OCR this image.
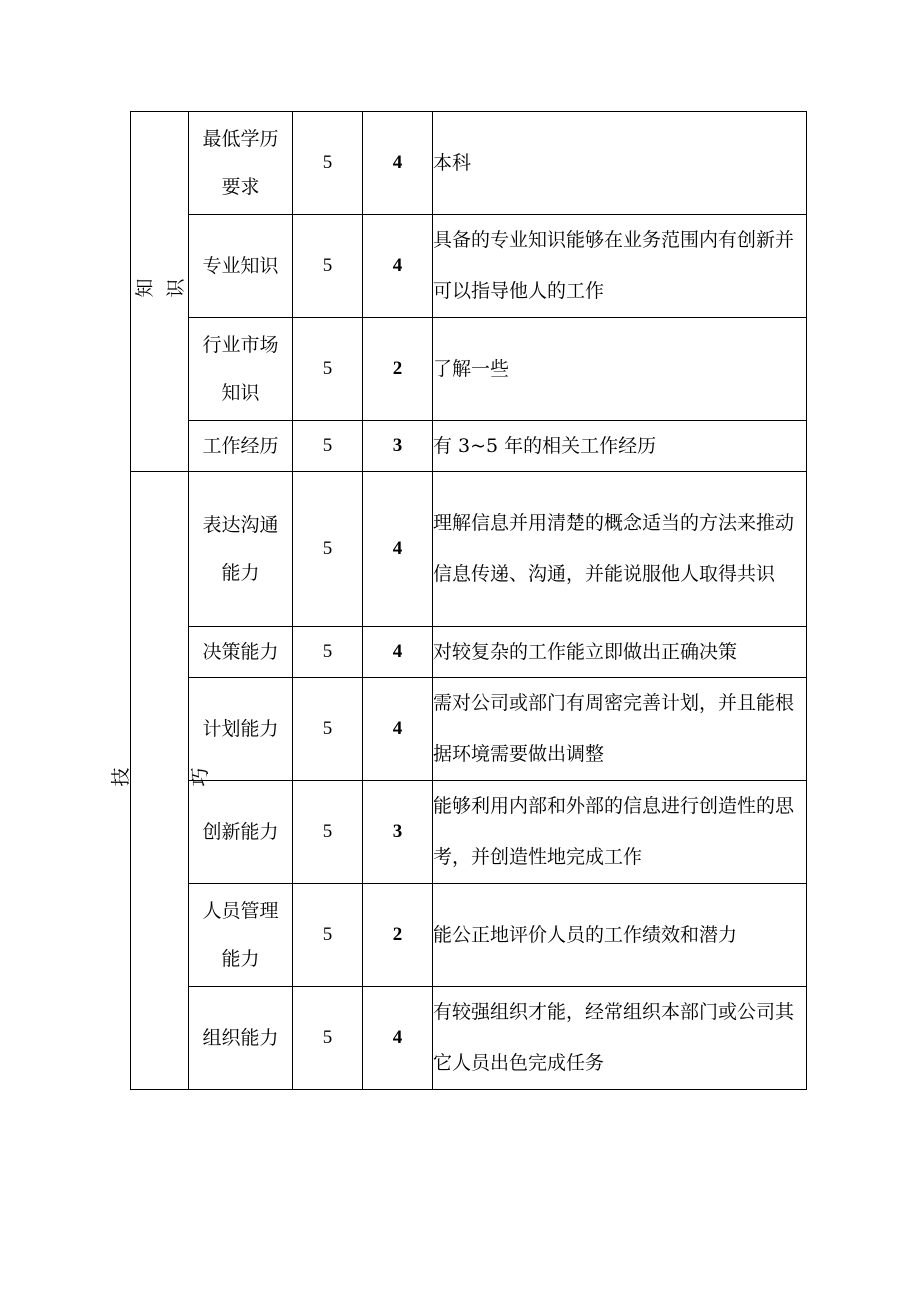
知 识	最低学历要求	5	4	本科
	专业知识	5	4	具备的专业知识能够在业务范围内有创新并可以指导他人的工作
	行业市场知识	5	2	了解一些
	工作经历	5	3	有 3~5 年的相关工作经历
技 巧	表达沟通能力	5	4	理解信息并用清楚的概念适当的方法来推动信息传递、沟通，并能说服他人取得共识
	决策能力	5	4	对较复杂的工作能立即做出正确决策
	计划能力	5	4	需对公司或部门有周密完善计划，并且能根据环境需要做出调整
	创新能力	5	3	能够利用内部和外部的信息进行创造性的思考，并创造性地完成工作
	人员管理能力	5	2	能公正地评价人员的工作绩效和潜力
	组织能力	5	4	有较强组织才能，经常组织本部门或公司其它人员出色完成任务
